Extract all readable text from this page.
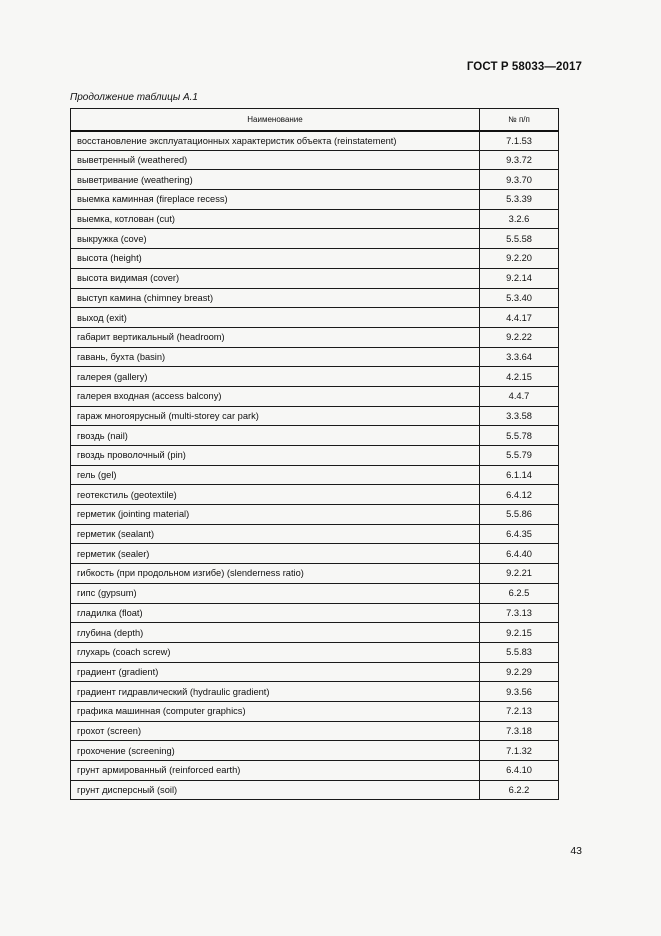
ГОСТ Р 58033—2017
Продолжение таблицы А.1
Наименование	№ п/п
восстановление эксплуатационных характеристик объекта (reinstatement)	7.1.53
выветренный (weathered)	9.3.72
выветривание (weathering)	9.3.70
выемка каминная (fireplace recess)	5.3.39
выемка, котлован (cut)	3.2.6
выкружка (cove)	5.5.58
высота (height)	9.2.20
высота видимая (cover)	9.2.14
выступ камина (chimney breast)	5.3.40
выход (exit)	4.4.17
габарит вертикальный (headroom)	9.2.22
гавань, бухта (basin)	3.3.64
галерея (gallery)	4.2.15
галерея входная (access balcony)	4.4.7
гараж многоярусный (multi-storey car park)	3.3.58
гвоздь (nail)	5.5.78
гвоздь проволочный (pin)	5.5.79
гель (gel)	6.1.14
геотекстиль (geotextile)	6.4.12
герметик (jointing material)	5.5.86
герметик (sealant)	6.4.35
герметик (sealer)	6.4.40
гибкость (при продольном изгибе) (slenderness ratio)	9.2.21
гипс (gypsum)	6.2.5
гладилка (float)	7.3.13
глубина (depth)	9.2.15
глухарь (coach screw)	5.5.83
градиент (gradient)	9.2.29
градиент гидравлический (hydraulic gradient)	9.3.56
графика машинная (computer graphics)	7.2.13
грохот (screen)	7.3.18
грохочение (screening)	7.1.32
грунт армированный (reinforced earth)	6.4.10
грунт дисперсный (soil)	6.2.2
43
